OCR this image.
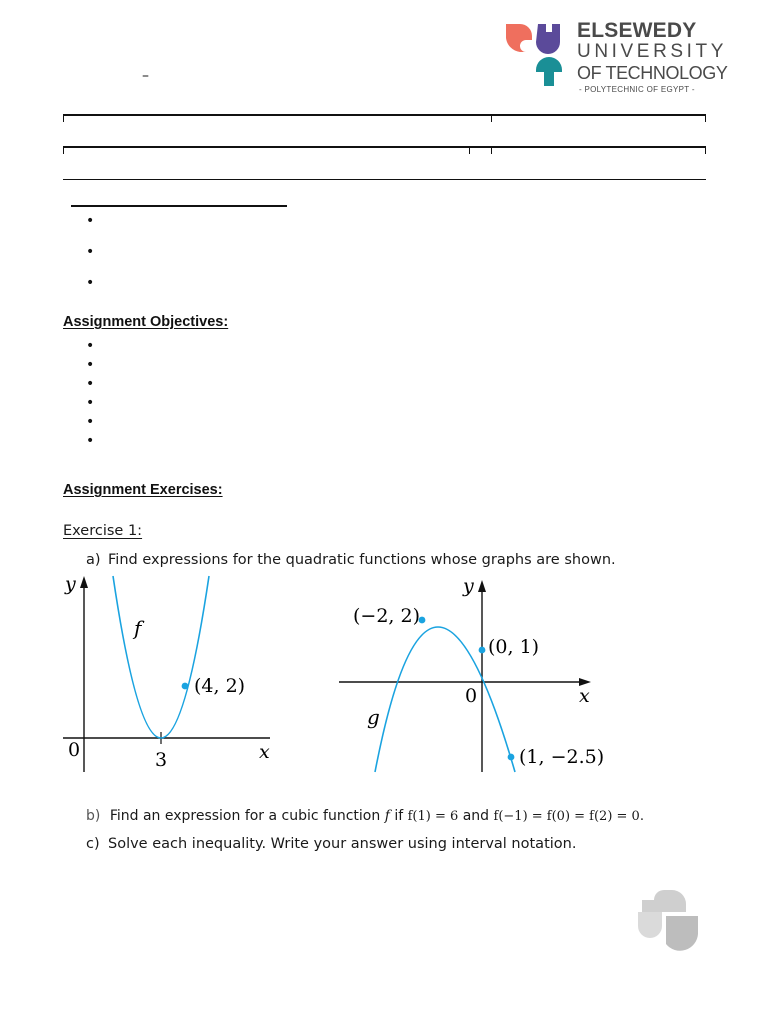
ELSEWEDY
UNIVERSITY
OF TECHNOLOGY
- POLYTECHNIC OF EGYPT -
–
•
•
•
Assignment Objectives:
•
•
•
•
•
•
Assignment Exercises:
Exercise 1:
a) Find expressions for the quadratic functions whose graphs are shown.
y
x
0	3
f
(4, 2)
y
x
0
g
(−2, 2)
(0, 1)
(1, −2.5)
b) Find an expression for a cubic function f if f(1) = 6 and f(−1) = f(0) = f(2) = 0.
c) Solve each inequality. Write your answer using interval notation.
